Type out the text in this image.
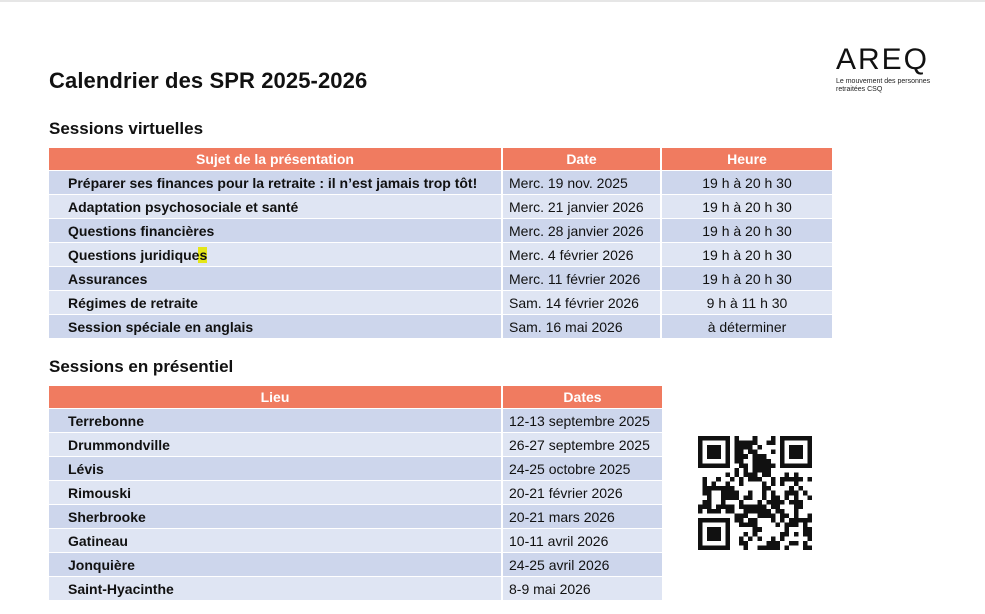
Calendrier des SPR 2025-2026
AREQ
Le mouvement des personnes
retraitées CSQ
Sessions virtuelles
Sujet de la présentation	Date	Heure
Préparer ses finances pour la retraite : il n’est jamais trop tôt!	Merc. 19 nov. 2025	19 h à 20 h 30
Adaptation psychosociale et santé	Merc. 21 janvier 2026	19 h à 20 h 30
Questions financières	Merc. 28 janvier 2026	19 h à 20 h 30
Questions juridiques	Merc. 4 février 2026	19 h à 20 h 30
Assurances	Merc. 11 février 2026	19 h à 20 h 30
Régimes de retraite	Sam. 14 février 2026	9 h à 11 h 30
Session spéciale en anglais	Sam. 16 mai 2026	à déterminer
Sessions en présentiel
Lieu	Dates
Terrebonne	12-13 septembre 2025
Drummondville	26-27 septembre 2025
Lévis	24-25 octobre 2025
Rimouski	20-21 février 2026
Sherbrooke	20-21 mars 2026
Gatineau	10-11 avril 2026
Jonquière	24-25 avril 2026
Saint-Hyacinthe	8-9 mai 2026
